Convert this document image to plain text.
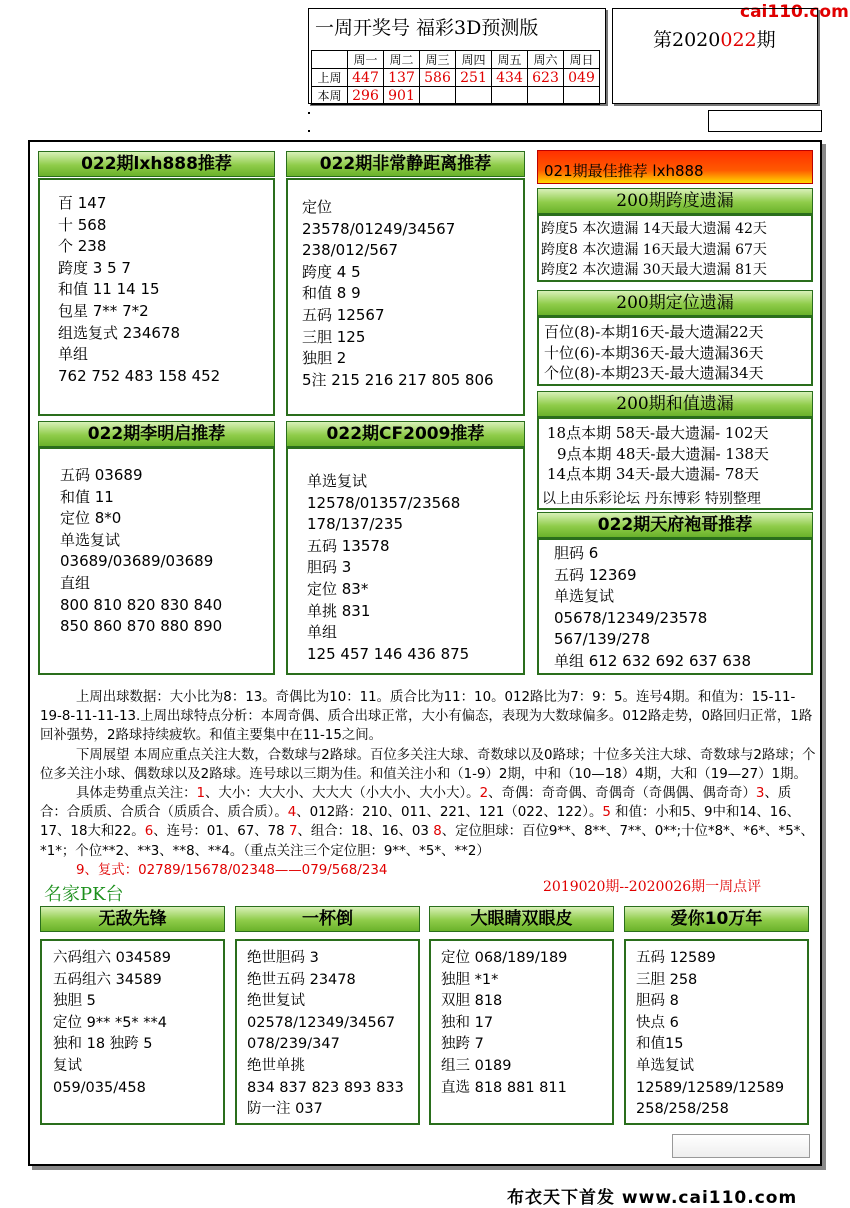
cai110.com
一周开奖号 福彩3D预测版
	周一	周二	周三	周四	周五	周六	周日
上周	447	137	586	251	434	623	049
本周	296	901					
第2020022期
022期lxh888推荐
百 147
十 568
个 238
跨度 3 5 7
和值 11 14 15
包星 7** 7*2
组选复式 234678
单组
762 752 483 158 452
022期李明启推荐
五码 03689
和值 11
定位 8*0
单选复试
03689/03689/03689
直组
800 810 820 830 840
850 860 870 880 890
022期非常静距离推荐
定位
23578/01249/34567
238/012/567
跨度 4 5
和值 8 9
五码 12567
三胆 125
独胆 2
5注 215 216 217 805 806
022期CF2009推荐
单选复试
12578/01357/23568
178/137/235
五码 13578
胆码 3
定位 83*
单挑 831
单组
125 457 146 436 875
021期最佳推荐 lxh888
200期跨度遗漏
跨度5 本次遗漏 14天最大遗漏 42天
跨度8 本次遗漏 16天最大遗漏 67天
跨度2 本次遗漏 30天最大遗漏 81天
200期定位遗漏
百位(8)-本期16天-最大遗漏22天
十位(6)-本期36天-最大遗漏36天
个位(8)-本期23天-最大遗漏34天
200期和值遗漏
18点本期 58天-最大遗漏- 102天
9点本期 48天-最大遗漏- 138天
14点本期 34天-最大遗漏- 78天
以上由乐彩论坛 丹东博彩 特别整理
022期天府袍哥推荐
胆码 6
五码 12369
单选复试
05678/12349/23578
567/139/278
单组 612 632 692 637 638

上周出球数据：大小比为8：13。奇偶比为10：11。质合比为11：10。012路比为7：9：5。连号4期。和值为：15-11-19-8-11-11-13.上周出球特点分析：本周奇偶、质合出球正常，大小有偏态，表现为大数球偏多。012路走势，0路回归正常，1路回补强势，2路球持续疲软。和值主要集中在11-15之间。

下周展望 本周应重点关注大数，合数球与2路球。百位多关注大球、奇数球以及0路球；十位多关注大球、奇数球与2路球；个位多关注小球、偶数球以及2路球。连号球以三期为佳。和值关注小和（1-9）2期，中和（10—18）4期，大和（19—27）1期。

具体走势重点关注：1、大小：大大小、大大大（小大小、大小大）。2、奇偶：奇奇偶、奇偶奇（奇偶偶、偶奇奇）3、质合：合质质、合质合（质质合、质合质）。4、012路：210、011、221、121（022、122）。5 和值：小和5、9中和14、16、17、18大和22。6、连号：01、67、78 7、组合：18、16、03 8、定位胆球：百位9**、8**、7**、0**;十位*8*、*6*、*5*、*1*；个位**2、**3、**8、**4。（重点关注三个定位胆：9**、*5*、**2）

9、复式：02789/15678/02348——079/568/234

名家PK台	2019020期--2020026期一周点评
无敌先锋
六码组六 034589
五码组六 34589
独胆 5
定位 9** *5* **4
独和 18 独跨 5
复试
059/035/458
一杯倒
绝世胆码 3
绝世五码 23478
绝世复试
02578/12349/34567
078/239/347
绝世单挑
834 837 823 893 833
防一注 037
大眼睛双眼皮
定位 068/189/189
独胆 *1*
双胆 818
独和 17
独跨 7
组三 0189
直选 818 881 811
爱你10万年
五码 12589
三胆 258
胆码 8
快点 6
和值15
单选复试
12589/12589/12589
258/258/258
布衣天下首发 www.cai110.com
